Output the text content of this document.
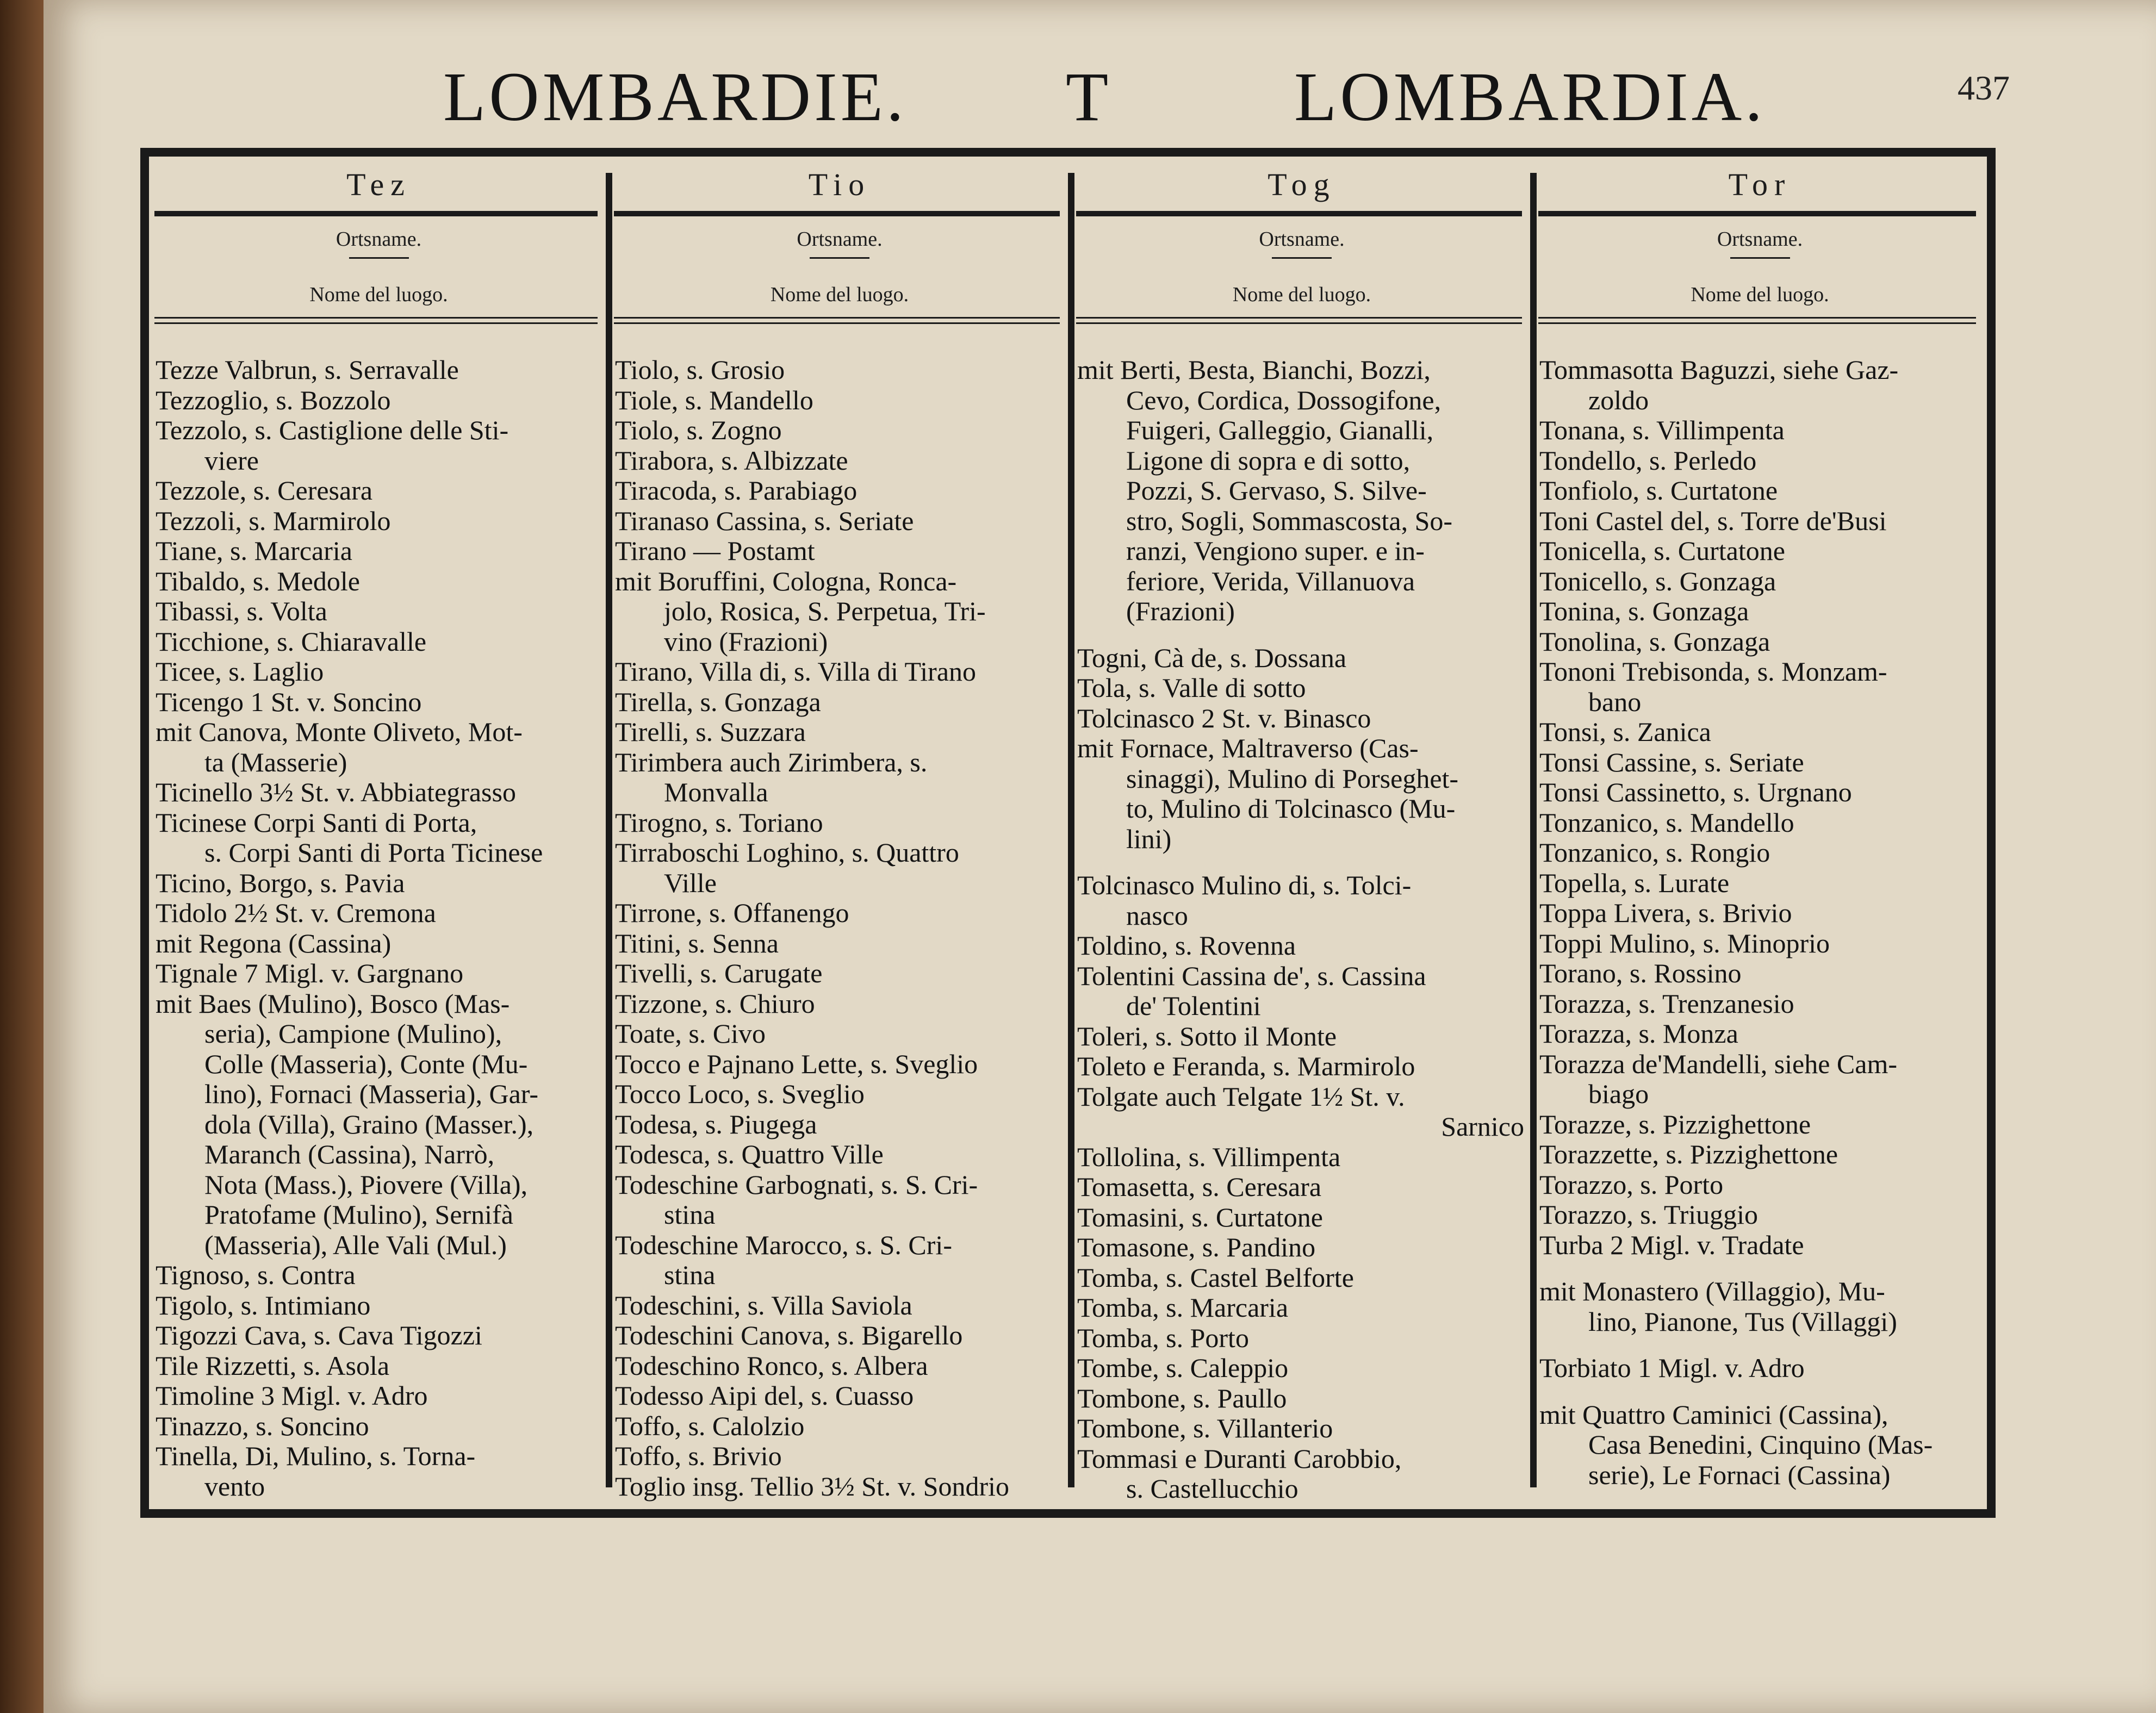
LOMBARDIE. T	LOMBARDIA.	437
Tez
Ortsname.
Nome del luogo.
Tezze Valbrun, s. Serravalle
Tezzoglio, s. Bozzolo
Tezzolo, s. Castiglione delle Sti-
viere
Tezzole, s. Ceresara
Tezzoli, s. Marmirolo
Tiane, s. Marcaria
Tibaldo, s. Medole
Tibassi, s. Volta
Ticchione, s. Chiaravalle
Ticee, s. Laglio
Ticengo 1 St. v. Soncino
mit Canova, Monte Oliveto, Mot-
ta (Masserie)
Ticinello 3½ St. v. Abbiategrasso
Ticinese Corpi Santi di Porta,
s. Corpi Santi di Porta Ticinese
Ticino, Borgo, s. Pavia
Tidolo 2½ St. v. Cremona
mit Regona (Cassina)
Tignale 7 Migl. v. Gargnano
mit Baes (Mulino), Bosco (Mas-
seria), Campione (Mulino),
Colle (Masseria), Conte (Mu-
lino), Fornaci (Masseria), Gar-
dola (Villa), Graino (Masser.),
Maranch (Cassina), Narrò,
Nota (Mass.), Piovere (Villa),
Pratofame (Mulino), Sernifà
(Masseria), Alle Vali (Mul.)
Tignoso, s. Contra
Tigolo, s. Intimiano
Tigozzi Cava, s. Cava Tigozzi
Tile Rizzetti, s. Asola
Timoline 3 Migl. v. Adro
Tinazzo, s. Soncino
Tinella, Di, Mulino, s. Torna-
vento
Tio
Ortsname.
Nome del luogo.
Tiolo, s. Grosio
Tiole, s. Mandello
Tiolo, s. Zogno
Tirabora, s. Albizzate
Tiracoda, s. Parabiago
Tiranaso Cassina, s. Seriate
Tirano — Postamt
mit Boruffini, Cologna, Ronca-
jolo, Rosica, S. Perpetua, Tri-
vino (Frazioni)
Tirano, Villa di, s. Villa di Tirano
Tirella, s. Gonzaga
Tirelli, s. Suzzara
Tirimbera auch Zirimbera, s.
Monvalla
Tirogno, s. Toriano
Tirraboschi Loghino, s. Quattro
Ville
Tirrone, s. Offanengo
Titini, s. Senna
Tivelli, s. Carugate
Tizzone, s. Chiuro
Toate, s. Civo
Tocco e Pajnano Lette, s. Sveglio
Tocco Loco, s. Sveglio
Todesa, s. Piugega
Todesca, s. Quattro Ville
Todeschine Garbognati, s. S. Cri-
stina
Todeschine Marocco, s. S. Cri-
stina
Todeschini, s. Villa Saviola
Todeschini Canova, s. Bigarello
Todeschino Ronco, s. Albera
Todesso Aipi del, s. Cuasso
Toffo, s. Calolzio
Toffo, s. Brivio
Toglio insg. Tellio 3½ St. v. Sondrio
Tog
Ortsname.
Nome del luogo.
mit Berti, Besta, Bianchi, Bozzi,
Cevo, Cordica, Dossogifone,
Fuigeri, Galleggio, Gianalli,
Ligone di sopra e di sotto,
Pozzi, S. Gervaso, S. Silve-
stro, Sogli, Sommascosta, So-
ranzi, Vengiono super. e in-
feriore, Verida, Villanuova
(Frazioni)
Togni, Cà de, s. Dossana
Tola, s. Valle di sotto
Tolcinasco 2 St. v. Binasco
mit Fornace, Maltraverso (Cas-
sinaggi), Mulino di Porseghet-
to, Mulino di Tolcinasco (Mu-
lini)
Tolcinasco Mulino di, s. Tolci-
nasco
Toldino, s. Rovenna
Tolentini Cassina de', s. Cassina
de' Tolentini
Toleri, s. Sotto il Monte
Toleto e Feranda, s. Marmirolo
Tolgate auch Telgate 1½ St. v.
Sarnico
Tollolina, s. Villimpenta
Tomasetta, s. Ceresara
Tomasini, s. Curtatone
Tomasone, s. Pandino
Tomba, s. Castel Belforte
Tomba, s. Marcaria
Tomba, s. Porto
Tombe, s. Caleppio
Tombone, s. Paullo
Tombone, s. Villanterio
Tommasi e Duranti Carobbio,
s. Castellucchio
Tor
Ortsname.
Nome del luogo.
Tommasotta Baguzzi, siehe Gaz-
zoldo
Tonana, s. Villimpenta
Tondello, s. Perledo
Tonfiolo, s. Curtatone
Toni Castel del, s. Torre de'Busi
Tonicella, s. Curtatone
Tonicello, s. Gonzaga
Tonina, s. Gonzaga
Tonolina, s. Gonzaga
Tononi Trebisonda, s. Monzam-
bano
Tonsi, s. Zanica
Tonsi Cassine, s. Seriate
Tonsi Cassinetto, s. Urgnano
Tonzanico, s. Mandello
Tonzanico, s. Rongio
Topella, s. Lurate
Toppa Livera, s. Brivio
Toppi Mulino, s. Minoprio
Torano, s. Rossino
Torazza, s. Trenzanesio
Torazza, s. Monza
Torazza de'Mandelli, siehe Cam-
biago
Torazze, s. Pizzighettone
Torazzette, s. Pizzighettone
Torazzo, s. Porto
Torazzo, s. Triuggio
Turba 2 Migl. v. Tradate
mit Monastero (Villaggio), Mu-
lino, Pianone, Tus (Villaggi)
Torbiato 1 Migl. v. Adro
mit Quattro Caminici (Cassina),
Casa Benedini, Cinquino (Mas-
serie), Le Fornaci (Cassina)
